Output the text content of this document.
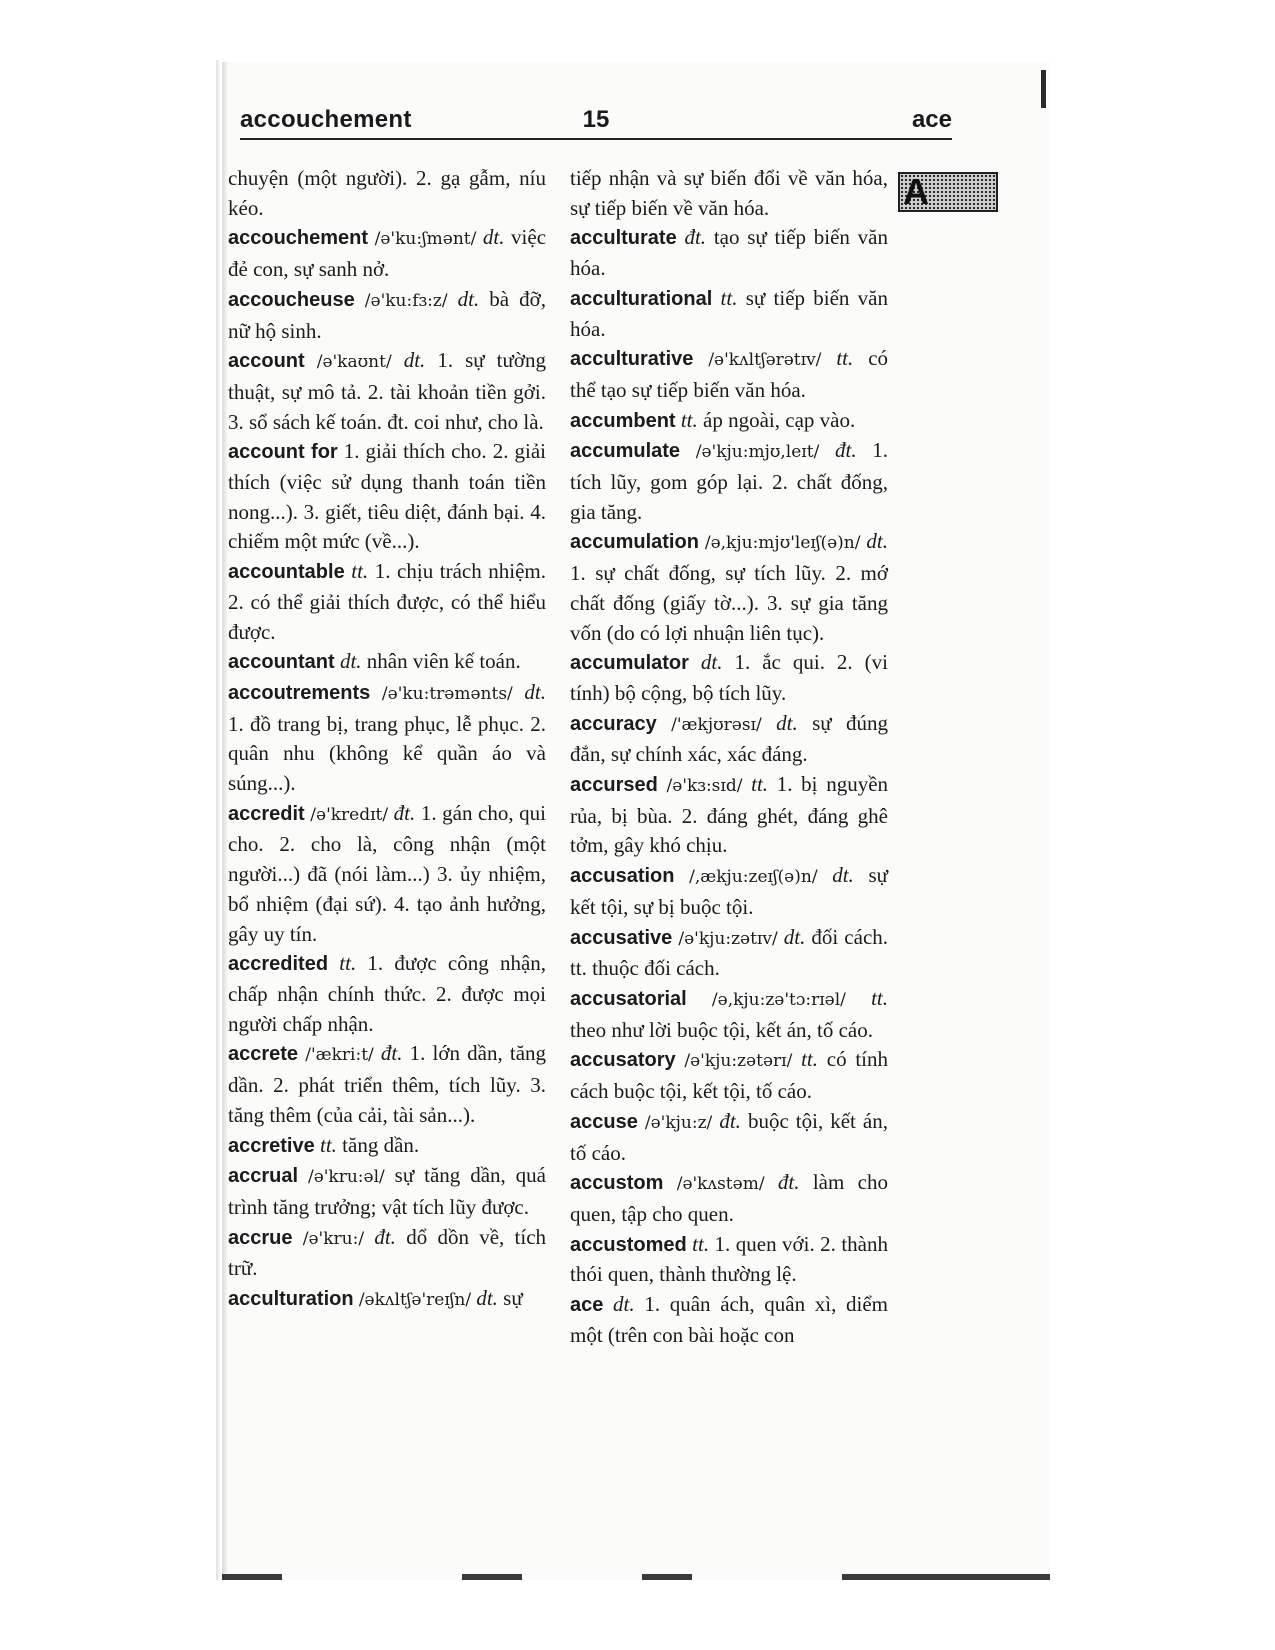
accouchement	15	ace
A

chuyện (một người). 2. gạ gẫm, níu kéo.

accouchement /ə'ku:ʃmənt/ dt. việc đẻ con, sự sanh nở.

accoucheuse /ə'ku:fɜ:z/ dt. bà đỡ, nữ hộ sinh.

account /ə'kaʊnt/ dt. 1. sự tường thuật, sự mô tả. 2. tài khoản tiền gởi. 3. sổ sách kế toán. đt. coi như, cho là.

account for 1. giải thích cho. 2. giải thích (việc sử dụng thanh toán tiền nong...). 3. giết, tiêu diệt, đánh bại. 4. chiếm một mức (về...).

accountable tt. 1. chịu trách nhiệm. 2. có thể giải thích được, có thể hiểu được.

accountant dt. nhân viên kế toán.

accoutrements /ə'ku:trəmənts/ dt. 1. đồ trang bị, trang phục, lễ phục. 2. quân nhu (không kể quần áo và súng...).

accredit /ə'kredɪt/ đt. 1. gán cho, qui cho. 2. cho là, công nhận (một người...) đã (nói làm...) 3. ủy nhiệm, bổ nhiệm (đại sứ). 4. tạo ảnh hưởng, gây uy tín.

accredited tt. 1. được công nhận, chấp nhận chính thức. 2. được mọi người chấp nhận.

accrete /'ækri:t/ đt. 1. lớn dần, tăng dần. 2. phát triển thêm, tích lũy. 3. tăng thêm (của cải, tài sản...).

accretive tt. tăng dần.

accrual /ə'kru:əl/ sự tăng dần, quá trình tăng trưởng; vật tích lũy được.

accrue /ə'kru:/ đt. dổ dồn về, tích trữ.

acculturation /əkʌltʃə'reɪʃn/ dt. sự

tiếp nhận và sự biến đổi về văn hóa, sự tiếp biến về văn hóa.

acculturate đt. tạo sự tiếp biến văn hóa.

acculturational tt. sự tiếp biến văn hóa.

acculturative /ə'kʌltʃərətɪv/ tt. có thể tạo sự tiếp biến văn hóa.

accumbent tt. áp ngoài, cạp vào.

accumulate /ə'kju:mjʊ,leɪt/ đt. 1. tích lũy, gom góp lại. 2. chất đống, gia tăng.

accumulation /ə,kju:mjʊ'leɪʃ(ə)n/ dt. 1. sự chất đống, sự tích lũy. 2. mớ chất đống (giấy tờ...). 3. sự gia tăng vốn (do có lợi nhuận liên tục).

accumulator dt. 1. ắc qui. 2. (vi tính) bộ cộng, bộ tích lũy.

accuracy /'ækjʊrəsɪ/ dt. sự đúng đắn, sự chính xác, xác đáng.

accursed /ə'kɜ:sɪd/ tt. 1. bị nguyền rủa, bị bùa. 2. đáng ghét, đáng ghê tởm, gây khó chịu.

accusation /,ækju:zeɪʃ(ə)n/ dt. sự kết tội, sự bị buộc tội.

accusative /ə'kju:zətɪv/ dt. đối cách. tt. thuộc đối cách.

accusatorial /ə,kju:zə'tɔ:rɪəl/ tt. theo như lời buộc tội, kết án, tố cáo.

accusatory /ə'kju:zətərɪ/ tt. có tính cách buộc tội, kết tội, tố cáo.

accuse /ə'kju:z/ đt. buộc tội, kết án, tố cáo.

accustom /ə'kʌstəm/ đt. làm cho quen, tập cho quen.

accustomed tt. 1. quen với. 2. thành thói quen, thành thường lệ.

ace dt. 1. quân ách, quân xì, diểm một (trên con bài hoặc con
